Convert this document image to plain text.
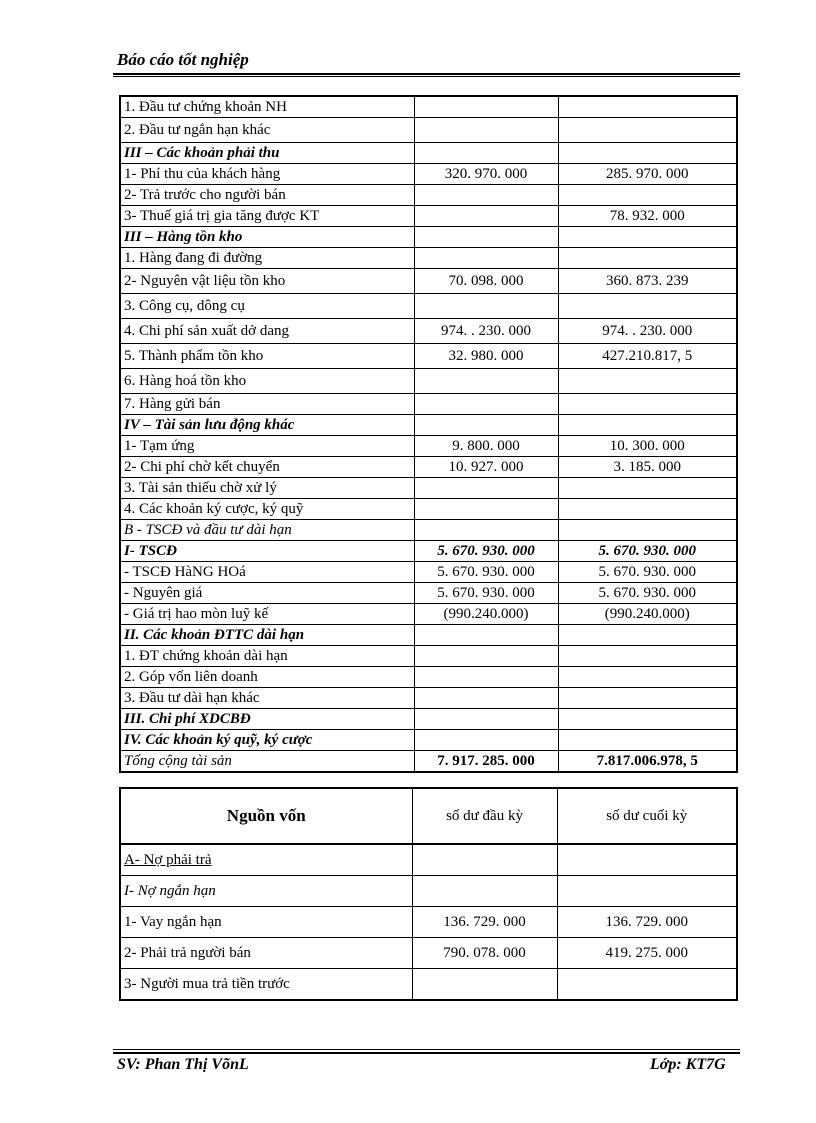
Báo cáo tốt nghiệp
1. Đầu tư chứng khoản NH		
2. Đầu tư ngắn hạn khác		
III – Các khoản phải thu		
1- Phí thu của khách hàng	320. 970. 000	285. 970. 000
2- Trả trước cho người bán		
3- Thuế giá trị gia tăng được KT		78. 932. 000
III – Hàng tồn kho		
1. Hàng đang đi đường		
2- Nguyên vật liệu tồn kho	70. 098. 000	360. 873. 239
3. Công cụ, dông cụ		
4. Chi phí sản xuất dở dang	974. . 230. 000	974. . 230. 000
5. Thành phẩm tồn kho	32. 980. 000	427.210.817, 5
6. Hàng hoá tồn kho		
7. Hàng gửi bán		
IV – Tài sản lưu động khác		
1- Tạm ứng	9. 800. 000	10. 300. 000
2- Chi phí chờ kết chuyển	10. 927. 000	3. 185. 000
3. Tài sản thiếu chờ xử lý		
4. Các khoản ký cược, ký quỹ		
B - TSCĐ và đầu tư dài hạn		
I- TSCĐ	5. 670. 930. 000	5. 670. 930. 000
- TSCĐ HàNG HOá	5. 670. 930. 000	5. 670. 930. 000
- Nguyên giá	5. 670. 930. 000	5. 670. 930. 000
- Giá trị hao mòn luỹ kế	(990.240.000)	(990.240.000)
II. Các khoản ĐTTC dài hạn		
1. ĐT chứng khoản dài hạn		
2. Góp vốn liên doanh		
3. Đầu tư dài hạn khác		
III. Chi phí XDCBĐ		
IV. Các khoản ký quỹ, ký cược		
Tổng cộng tài sản	7. 917. 285. 000	7.817.006.978, 5
Nguồn vốn	số dư đầu kỳ	số dư cuối kỳ
A- Nợ phải trả		
I- Nợ ngắn hạn		
1- Vay ngắn hạn	136. 729. 000	136. 729. 000
2- Phải trả người bán	790. 078. 000	419. 275. 000
3- Người mua trả tiền trước		
SV: Phan Thị VõnL	Lớp: KT7G
